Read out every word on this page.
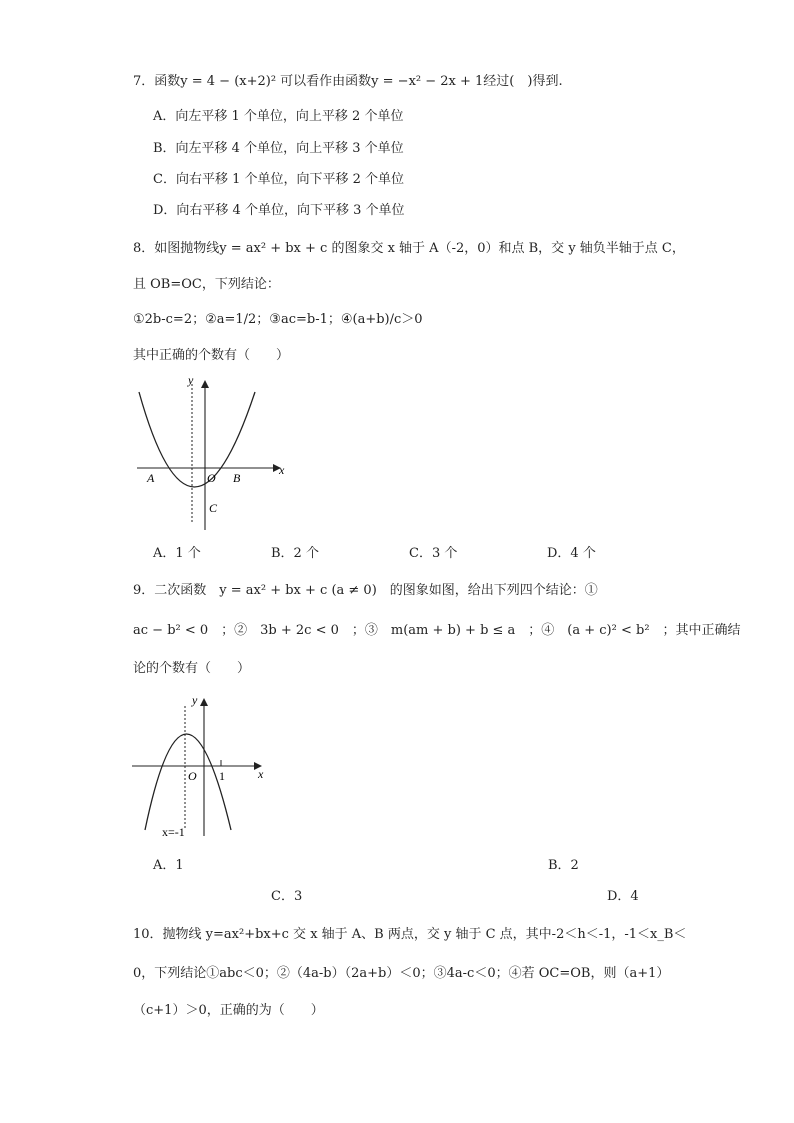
7．函数y = 4 − (x+2)² 可以看作由函数y = −x² − 2x + 1经过(　)得到.
A．向左平移 1 个单位，向上平移 2 个单位
B．向左平移 4 个单位，向上平移 3 个单位
C．向右平移 1 个单位，向下平移 2 个单位
D．向右平移 4 个单位，向下平移 3 个单位
8．如图抛物线y = ax² + bx + c 的图象交 x 轴于 A（-2，0）和点 B，交 y 轴负半轴于点 C，
且 OB=OC，下列结论：
①2b-c=2；②a=1/2；③ac=b-1；④(a+b)/c＞0
其中正确的个数有（　　）
y
x
A	O B
C
A．1 个	B．2 个	C．3 个	D．4 个
9．二次函数　y = ax² + bx + c (a ≠ 0)　的图象如图，给出下列四个结论：①
ac − b² < 0　；②　3b + 2c < 0　；③　m(am + b) + b ≤ a　；④　(a + c)² < b²　；其中正确结
论的个数有（　　）
y
x
O 1
x=-1
A．1	B．2
C．3	D．4
10．抛物线 y=ax²+bx+c 交 x 轴于 A、B 两点，交 y 轴于 C 点，其中-2＜h＜-1，-1＜x_B＜
0，下列结论①abc＜0；②（4a-b）（2a+b）＜0；③4a-c＜0；④若 OC=OB，则（a+1）
（c+1）＞0，正确的为（　　）
